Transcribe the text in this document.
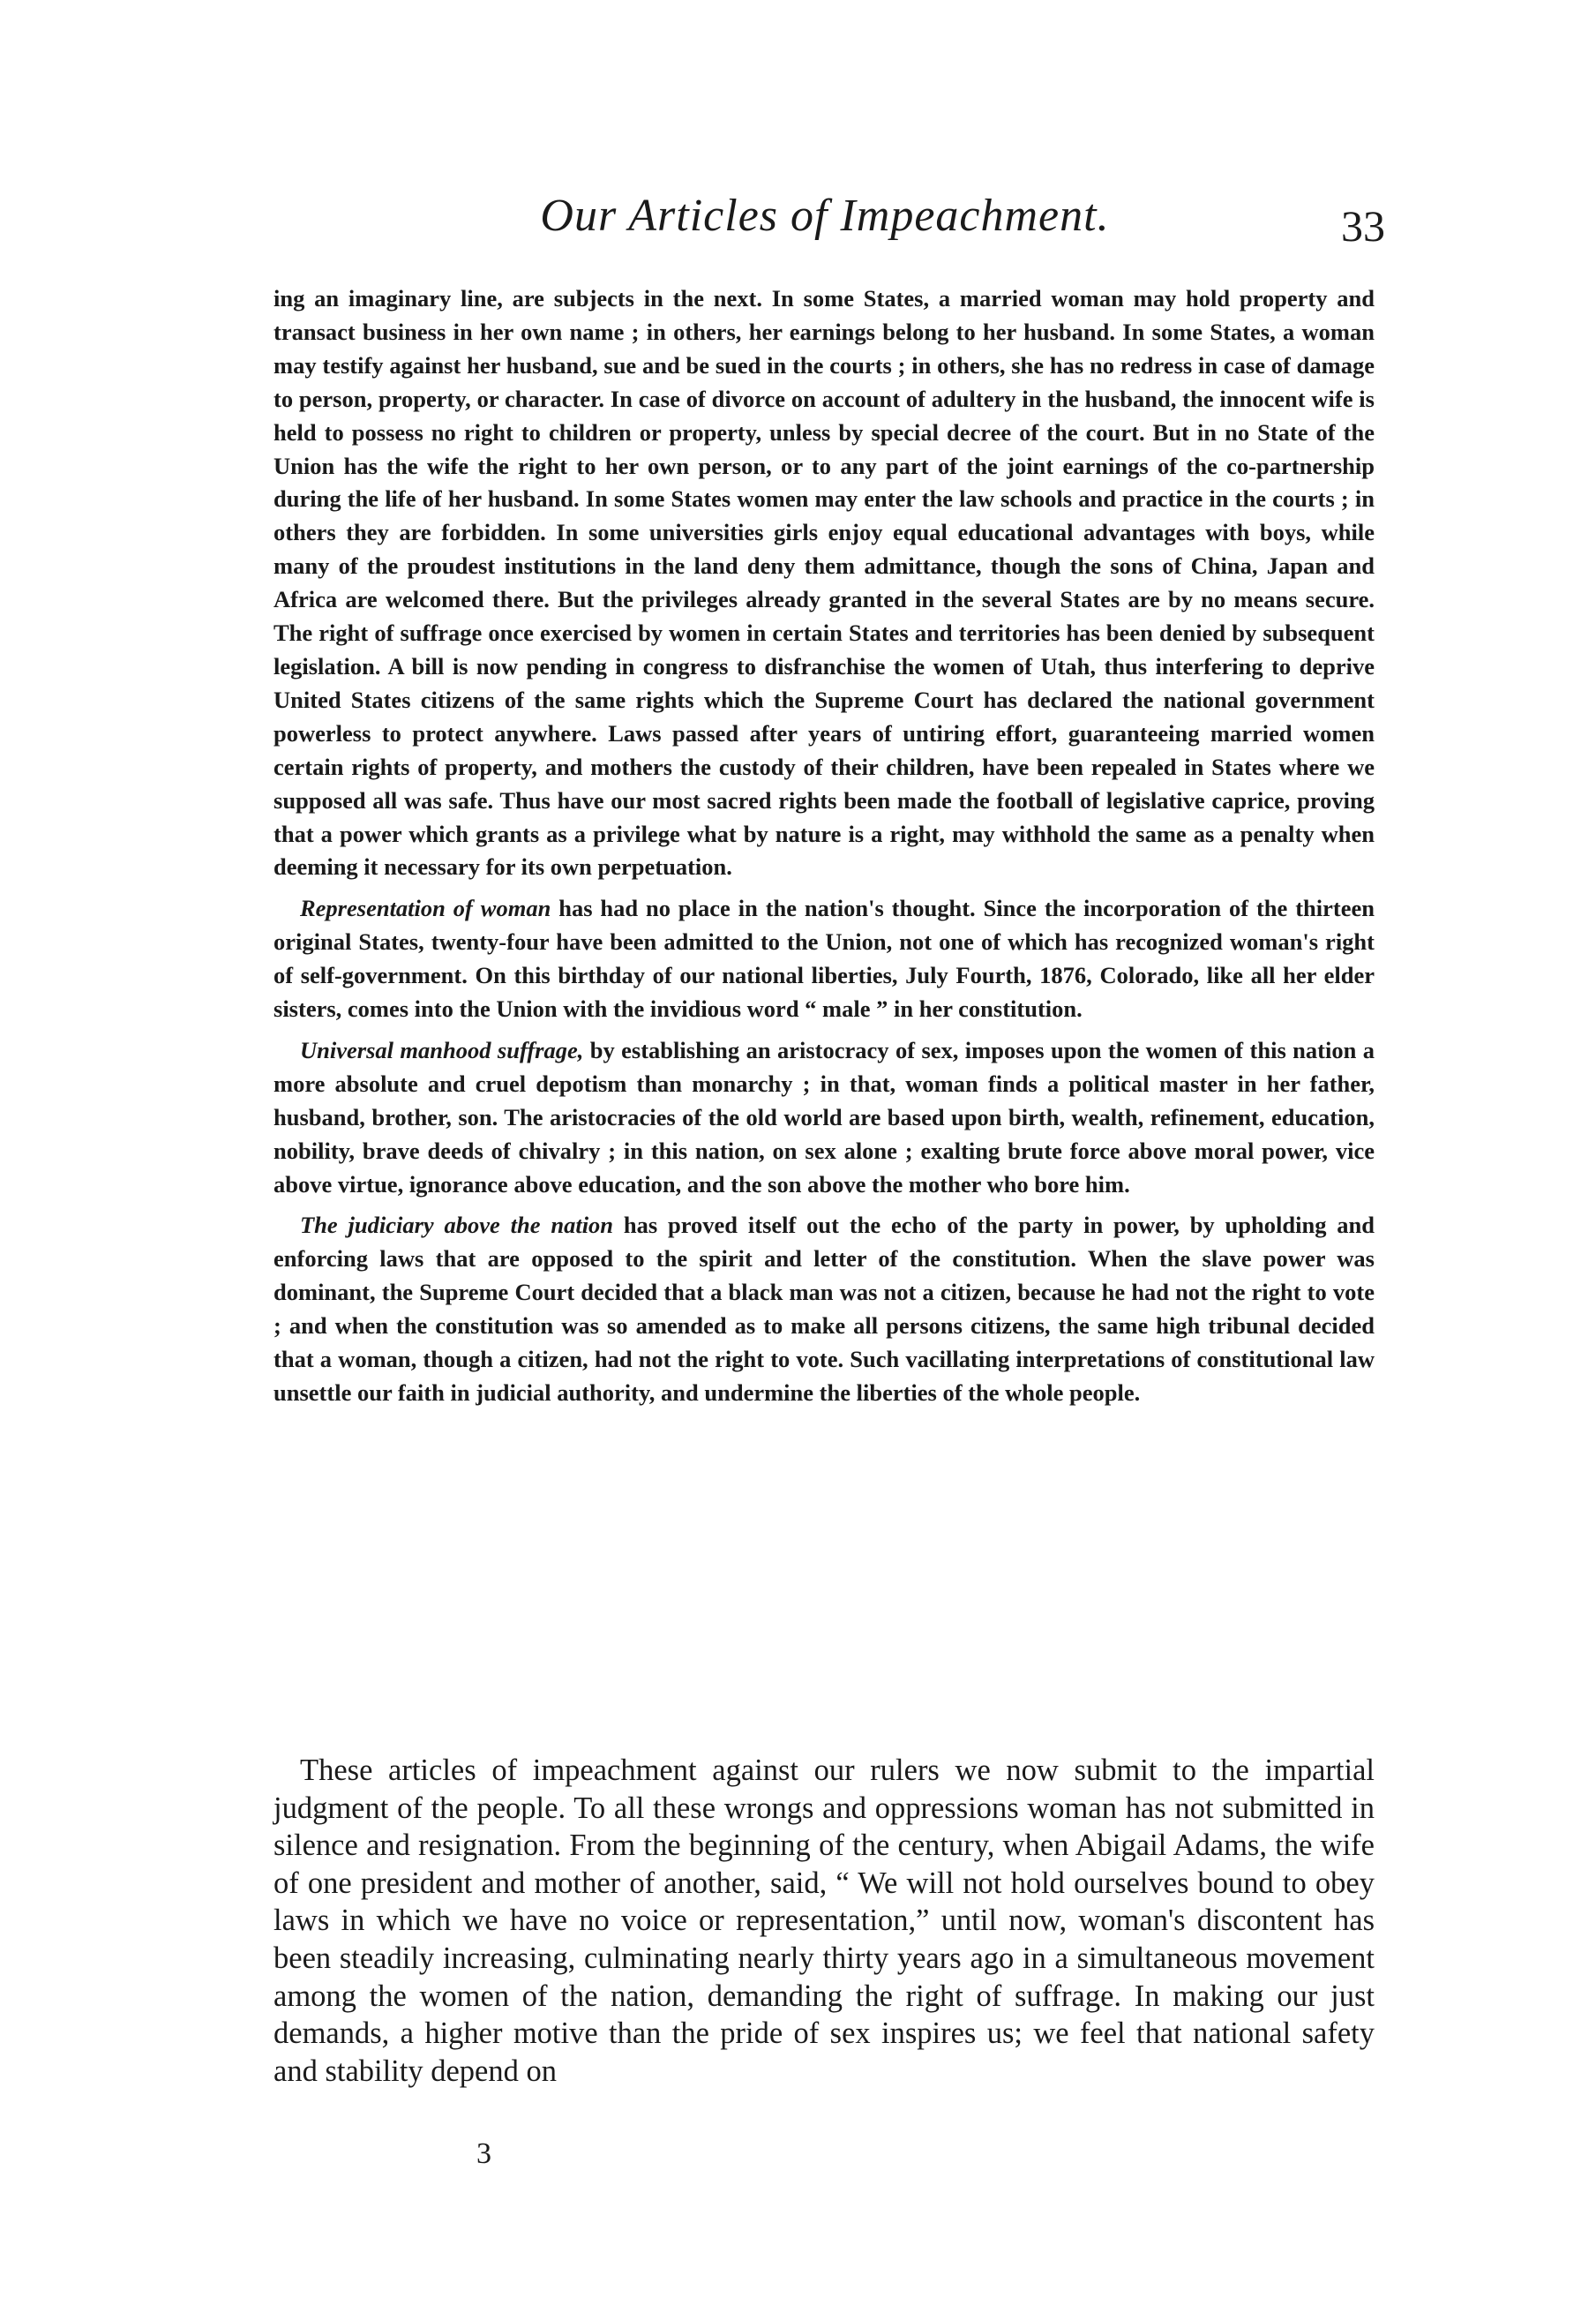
Our Articles of Impeachment.	33

ing an imaginary line, are subjects in the next. In some States, a married woman may hold property and transact business in her own name ; in others, her earnings belong to her husband. In some States, a woman may testify against her husband, sue and be sued in the courts ; in others, she has no redress in case of damage to person, property, or character. In case of divorce on account of adultery in the husband, the innocent wife is held to possess no right to children or property, unless by special decree of the court. But in no State of the Union has the wife the right to her own person, or to any part of the joint earnings of the co-partnership during the life of her husband. In some States women may enter the law schools and practice in the courts ; in others they are forbidden. In some universities girls enjoy equal educational advantages with boys, while many of the proudest institutions in the land deny them admittance, though the sons of China, Japan and Africa are welcomed there. But the privileges already granted in the several States are by no means secure. The right of suffrage once exercised by women in certain States and territories has been denied by subsequent legislation. A bill is now pending in congress to disfranchise the women of Utah, thus interfering to deprive United States citizens of the same rights which the Supreme Court has declared the national government powerless to protect anywhere. Laws passed after years of untiring effort, guaranteeing married women certain rights of property, and mothers the custody of their children, have been repealed in States where we supposed all was safe. Thus have our most sacred rights been made the football of legislative caprice, proving that a power which grants as a privilege what by nature is a right, may withhold the same as a penalty when deeming it necessary for its own perpetuation.

Representation of woman has had no place in the nation's thought. Since the incorporation of the thirteen original States, twenty-four have been admitted to the Union, not one of which has recognized woman's right of self-government. On this birthday of our national liberties, July Fourth, 1876, Colorado, like all her elder sisters, comes into the Union with the invidious word “ male ” in her constitution.

Universal manhood suffrage, by establishing an aristocracy of sex, imposes upon the women of this nation a more absolute and cruel depotism than monarchy ; in that, woman finds a political master in her father, husband, brother, son. The aristocracies of the old world are based upon birth, wealth, refinement, education, nobility, brave deeds of chivalry ; in this nation, on sex alone ; exalting brute force above moral power, vice above virtue, ignorance above education, and the son above the mother who bore him.

The judiciary above the nation has proved itself out the echo of the party in power, by upholding and enforcing laws that are opposed to the spirit and letter of the constitution. When the slave power was dominant, the Supreme Court decided that a black man was not a citizen, because he had not the right to vote ; and when the constitution was so amended as to make all persons citizens, the same high tribunal decided that a woman, though a citizen, had not the right to vote. Such vacillating interpretations of constitutional law unsettle our faith in judicial authority, and undermine the liberties of the whole people.

These articles of impeachment against our rulers we now submit to the impartial judgment of the people. To all these wrongs and oppressions woman has not submitted in silence and resignation. From the beginning of the century, when Abigail Adams, the wife of one president and mother of another, said, “ We will not hold ourselves bound to obey laws in which we have no voice or representation,” until now, woman's discontent has been steadily increasing, culminating nearly thirty years ago in a simultaneous movement among the women of the nation, demanding the right of suffrage. In making our just demands, a higher motive than the pride of sex inspires us; we feel that national safety and stability depend on

3
